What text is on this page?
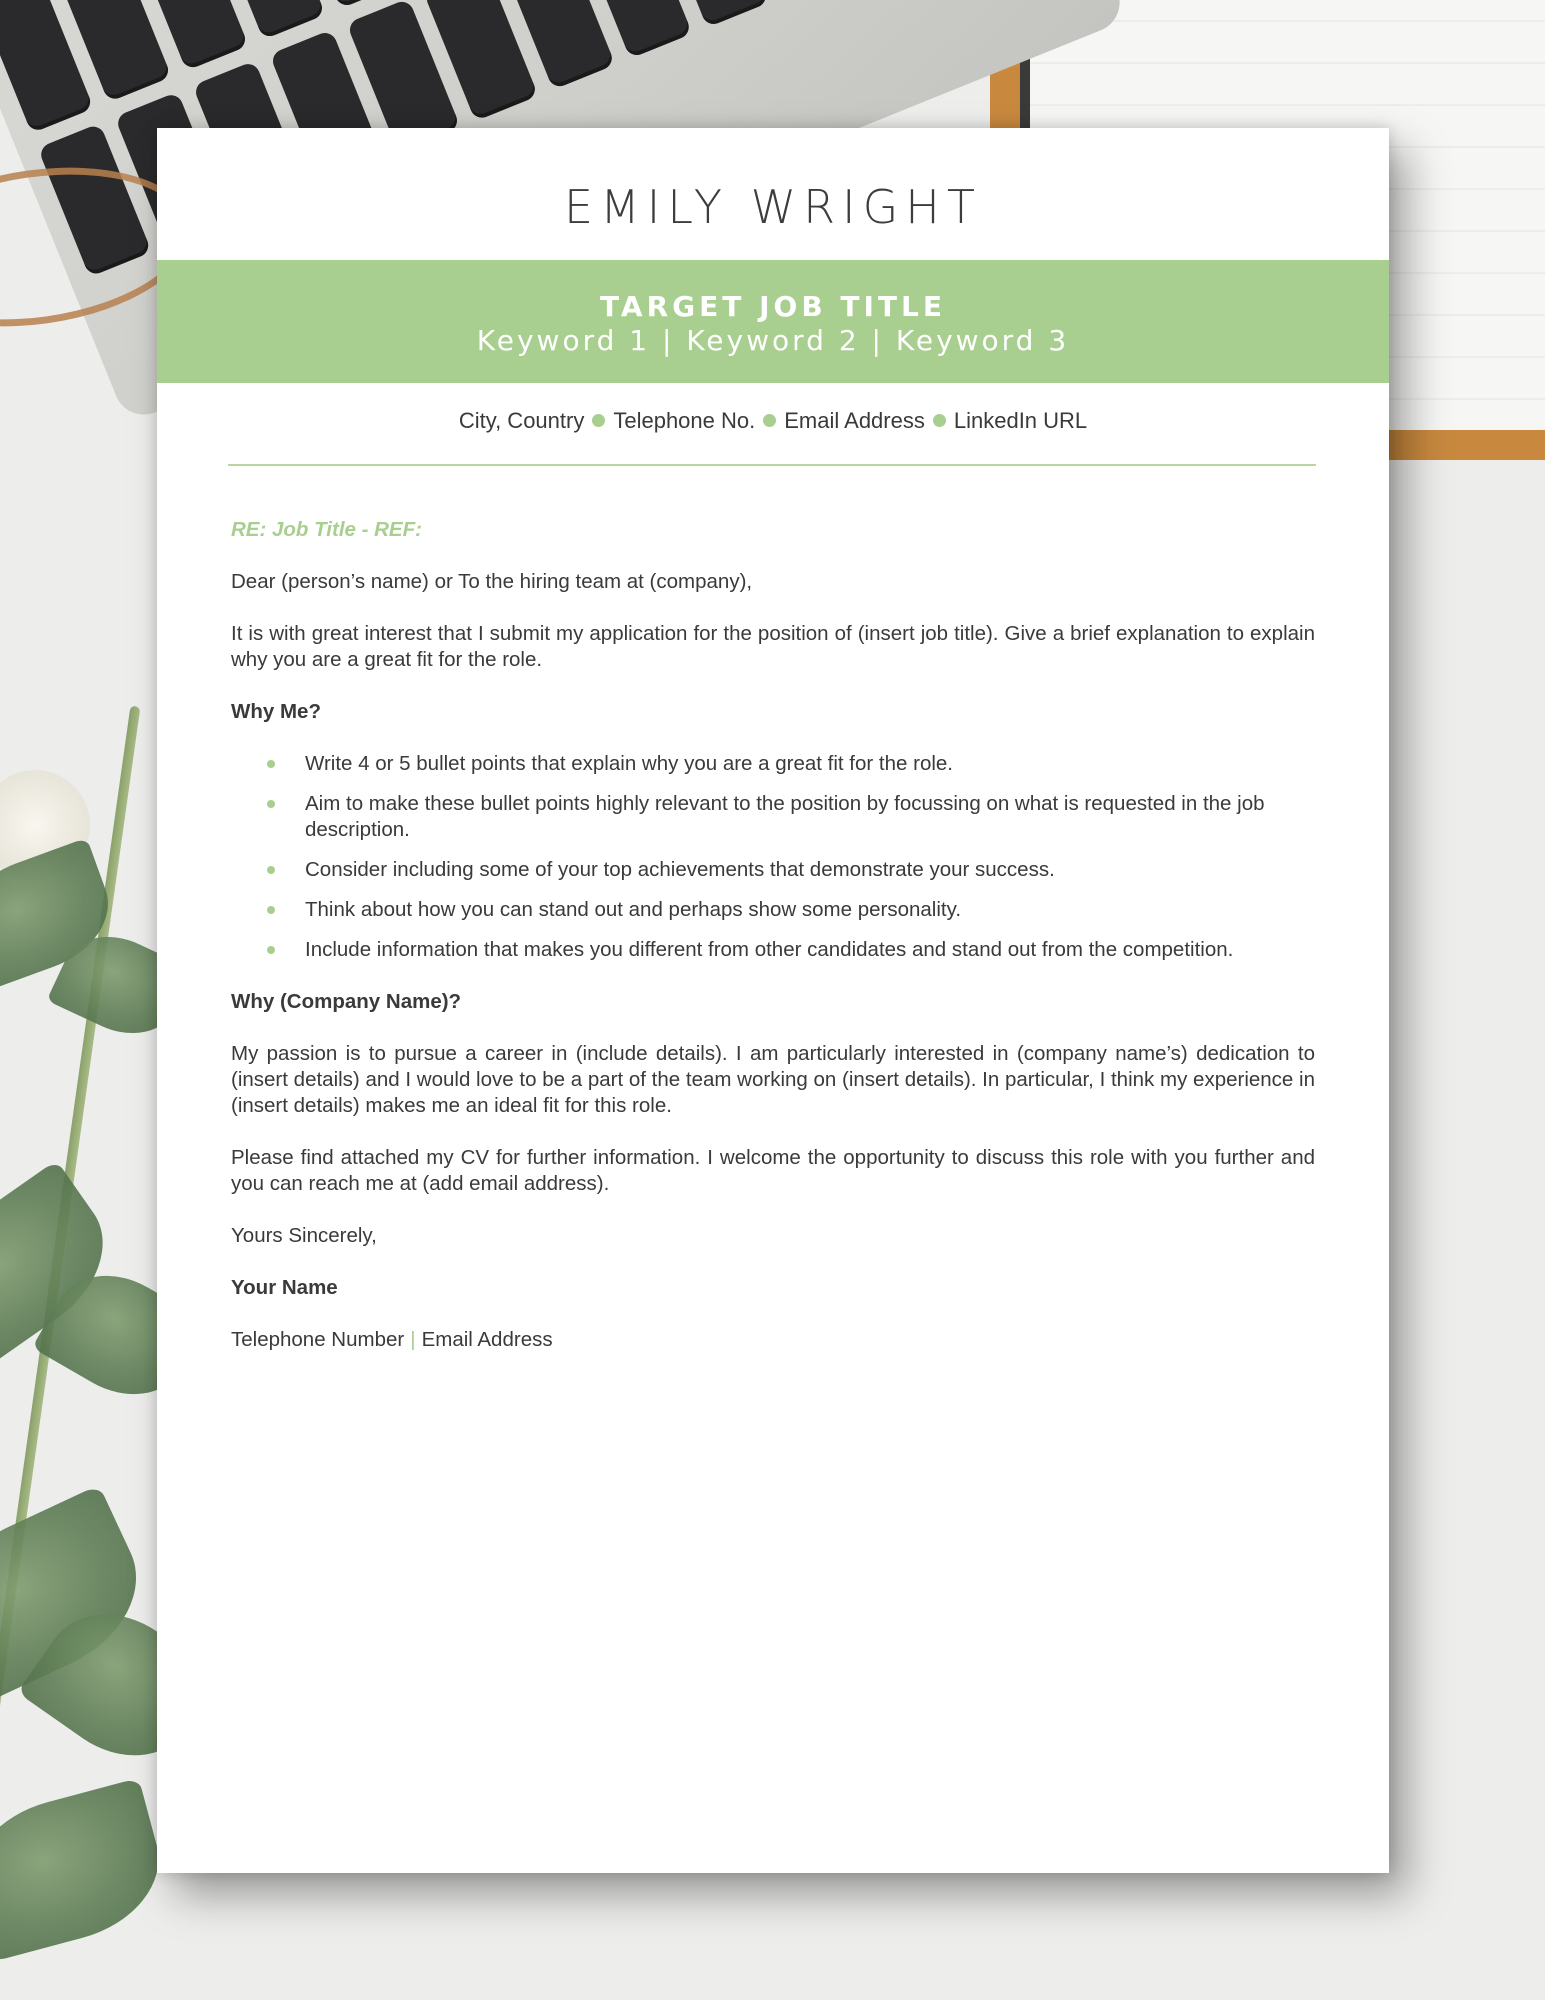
EMILY WRIGHT
TARGET JOB TITLE
Keyword 1 | Keyword 2 | Keyword 3
City, Country Telephone No. Email Address LinkedIn URL

RE: Job Title - REF:

Dear (person’s name) or To the hiring team at (company),

It is with great interest that I submit my application for the position of (insert job title). Give a brief explanation to explain why you are a great fit for the role.

Why Me?

Write 4 or 5 bullet points that explain why you are a great fit for the role.
Aim to make these bullet points highly relevant to the position by focussing on what is requested in the job description.
Consider including some of your top achievements that demonstrate your success.
Think about how you can stand out and perhaps show some personality.
Include information that makes you different from other candidates and stand out from the competition.

Why (Company Name)?

My passion is to pursue a career in (include details). I am particularly interested in (company name’s) dedication to (insert details) and I would love to be a part of the team working on (insert details). In particular, I think my experience in (insert details) makes me an ideal fit for this role.

Please find attached my CV for further information. I welcome the opportunity to discuss this role with you further and you can reach me at (add email address).

Yours Sincerely,

Your Name

Telephone Number | Email Address
